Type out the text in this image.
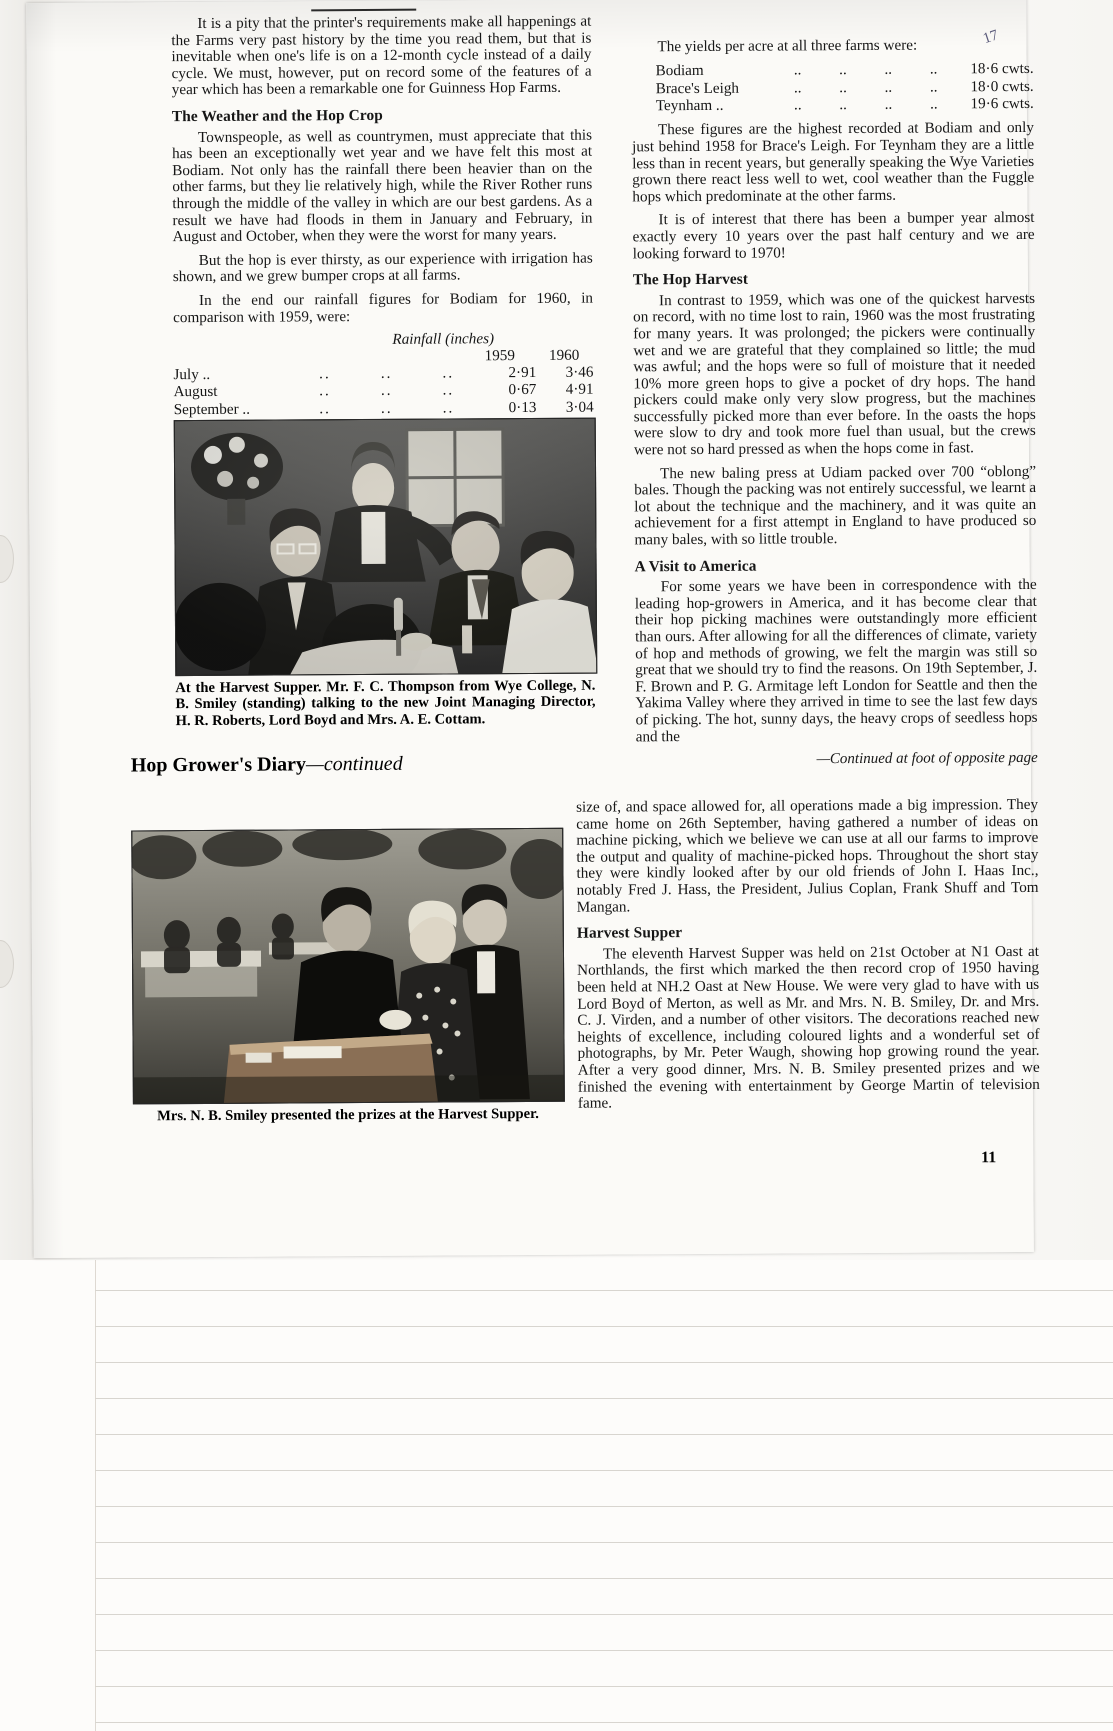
17

It is a pity that the printer's requirements make all happenings at the Farms very past history by the time you read them, but that is inevitable when one's life is on a 12-month cycle instead of a daily cycle. We must, however, put on record some of the features of a year which has been a remarkable one for Guinness Hop Farms.

The Weather and the Hop Crop

Townspeople, as well as countrymen, must appreciate that this has been an exceptionally wet year and we have felt this most at Bodiam. Not only has the rainfall there been heavier than on the other farms, but they lie relatively high, while the River Rother runs through the middle of the valley in which are our best gardens. As a result we have had floods in them in January and February, in August and October, when they were the worst for many years.

But the hop is ever thirsty, as our experience with irrigation has shown, and we grew bumper crops at all farms.

In the end our rainfall figures for Bodiam for 1960, in comparison with 1959, were:

Rainfall (inches)
1959 1960
July ..	..	..	..	2·91	3·46
August	..	..	..	0·67	4·91
September ..	..	..	..	0·13	3·04
At the Harvest Supper. Mr. F. C. Thompson from Wye College, N. B. Smiley (standing) talking to the new Joint Managing Director, H. R. Roberts, Lord Boyd and Mrs. A. E. Cottam.

The yields per acre at all three farms were:

Bodiam	..	..	..	..	18·6 cwts.
Brace's Leigh	..	..	..	..	18·0 cwts.
Teynham ..	..	..	..	..	19·6 cwts.

These figures are the highest recorded at Bodiam and only just behind 1958 for Brace's Leigh. For Teynham they are a little less than in recent years, but generally speaking the Wye Varieties grown there react less well to wet, cool weather than the Fuggle hops which predominate at the other farms.

It is of interest that there has been a bumper year almost exactly every 10 years over the past half century and we are looking forward to 1970!

The Hop Harvest

In contrast to 1959, which was one of the quickest harvests on record, with no time lost to rain, 1960 was the most frustrating for many years. It was prolonged; the pickers were continually wet and we are grateful that they complained so little; the mud was awful; and the hops were so full of moisture that it needed 10% more green hops to give a pocket of dry hops. The hand pickers could make only very slow progress, but the machines successfully picked more than ever before. In the oasts the hops were slow to dry and took more fuel than usual, but the crews were not so hard pressed as when the hops come in fast.

The new baling press at Udiam packed over 700 “oblong” bales. Though the packing was not entirely successful, we learnt a lot about the technique and the machinery, and it was quite an achievement for a first attempt in England to have produced so many bales, with so little trouble.

A Visit to America

For some years we have been in correspondence with the leading hop-growers in America, and it has become clear that their hop picking machines were outstandingly more efficient than ours. After allowing for all the differences of climate, variety of hop and methods of growing, we felt the margin was still so great that we should try to find the reasons. On 19th September, J. F. Brown and P. G. Armitage left London for Seattle and then the Yakima Valley where they arrived in time to see the last few days of picking. The hot, sunny days, the heavy crops of seedless hops and the

—Continued at foot of opposite page
Hop Grower's Diary—continued
Mrs. N. B. Smiley presented the prizes at the Harvest Supper.

size of, and space allowed for, all operations made a big impression. They came home on 26th September, having gathered a number of ideas on machine picking, which we believe we can use at all our farms to improve the output and quality of machine-picked hops. Throughout the short stay they were kindly looked after by our old friends of John I. Haas Inc., notably Fred J. Hass, the President, Julius Coplan, Frank Shuff and Tom Mangan.

Harvest Supper

The eleventh Harvest Supper was held on 21st October at N1 Oast at Northlands, the first which marked the then record crop of 1950 having been held at NH.2 Oast at New House. We were very glad to have with us Lord Boyd of Merton, as well as Mr. and Mrs. N. B. Smiley, Dr. and Mrs. C. J. Virden, and a number of other visitors. The decorations reached new heights of excellence, including coloured lights and a wonderful set of photographs, by Mr. Peter Waugh, showing hop growing round the year. After a very good dinner, Mrs. N. B. Smiley presented prizes and we finished the evening with entertainment by George Martin of television fame.

11
